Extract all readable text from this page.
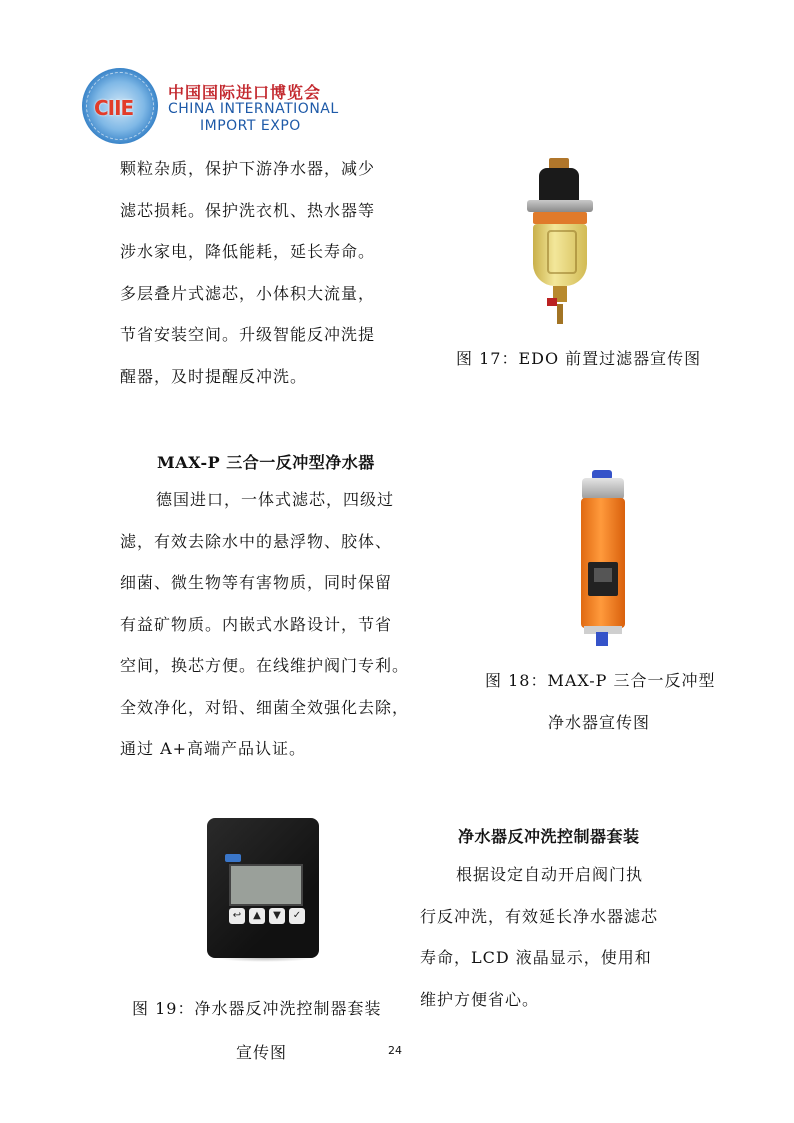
CIIE
中国国际进口博览会
CHINA INTERNATIONAL
IMPORT EXPO
颗粒杂质，保护下游净水器，减少
滤芯损耗。保护洗衣机、热水器等
涉水家电，降低能耗，延长寿命。
多层叠片式滤芯，小体积大流量，
节省安装空间。升级智能反冲洗提
醒器，及时提醒反冲洗。

图 17：EDO 前置过滤器宣传图

MAX-P 三合一反冲型净水器

德国进口，一体式滤芯，四级过
滤，有效去除水中的悬浮物、胶体、
细菌、微生物等有害物质，同时保留
有益矿物质。内嵌式水路设计，节省
空间，换芯方便。在线维护阀门专利。
全效净化，对铅、细菌全效强化去除，
通过 A+高端产品认证。

图 18：MAX-P 三合一反冲型

净水器宣传图

↩	▲	▼	✓

净水器反冲洗控制器套装

根据设定自动开启阀门执
行反冲洗，有效延长净水器滤芯
寿命，LCD 液晶显示，使用和
维护方便省心。

图 19：净水器反冲洗控制器套装

宣传图	24
